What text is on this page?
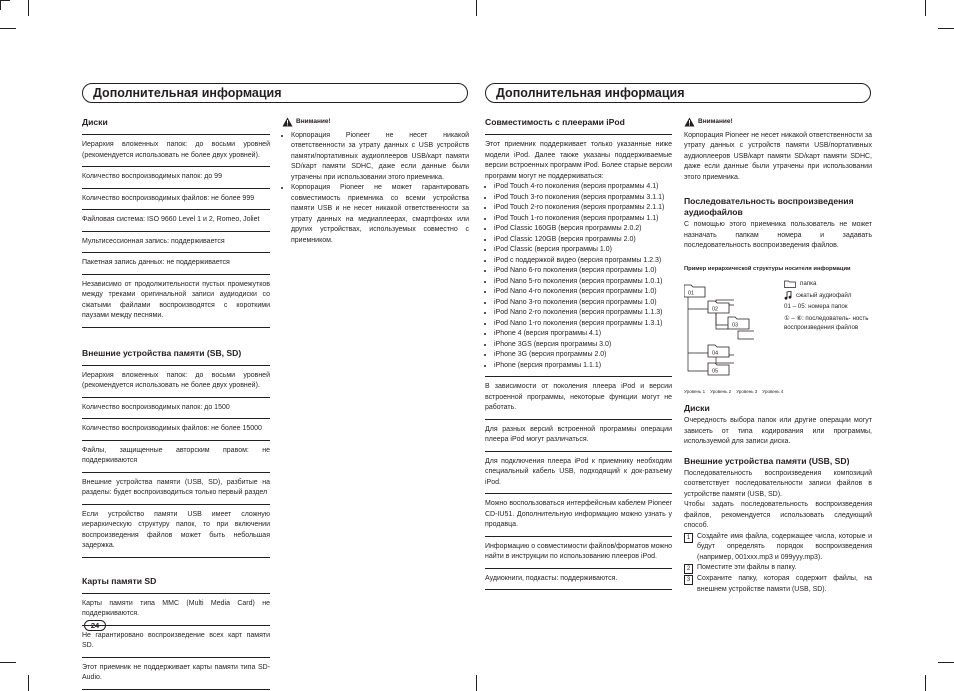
Дополнительная информация	Дополнительная информация
Диски
Иерархия вложенных папок: до восьми уровней (рекомендуется использовать не более двух уровней).
Количество воспроизводимых папок: до 99
Количество воспроизводимых файлов: не более 999
Файловая система: ISO 9660 Level 1 и 2, Romeo, Joliet
Мультисессионная запись: поддерживается
Пакетная запись данных: не поддерживается
Независимо от продолжительности пустых промежутков между треками оригинальной записи аудиодиски со сжатыми файлами воспроизводятся с короткими паузами между песнями.
Внешние устройства памяти (SB, SD)
Иерархия вложенных папок: до восьми уровней (рекомендуется использовать не более двух уровней).
Количество воспроизводимых папок: до 1500
Количество воспроизводимых файлов: не более 15000
Файлы, защищенные авторским правом: не поддерживаются
Внешние устройства памяти (USB, SD), разбитые на разделы: будет воспроизводиться только первый раздел
Если устройство памяти USB имеет сложную иерархическую структуру папок, то при включении воспроизведения файлов может быть небольшая задержка.
Карты памяти SD
Карты памяти типа MMC (Multi Media Card) не поддерживаются.
Не гарантировано воспроизведение всех карт памяти SD.
Этот приемник не поддерживает карты памяти типа SD-Audio.
Внимание!
• Корпорация Pioneer не несет никакой ответственности за утрату данных с USB устройств памяти/портативных аудиоплееров USB/карт памяти SD/карт памяти SDHC, даже если данные были утрачены при использовании этого приемника.
• Корпорация Pioneer не может гарантировать совместимость приемника со всеми устройства памяти USB и не несет никакой ответственности за утрату данных на медиаплеерах, смартфонах или других устройствах, используемых совместно с приемником.
Совместимость с плеерами iPod
Этот приемник поддерживает только указанные ниже модели iPod. Далее также указаны поддерживаемые версии встроенных программ iPod. Более старые версии программ могут не поддерживаться:
• iPod Touch 4-го поколения (версия программы 4.1)
• iPod Touch 3-го поколения (версия программы 3.1.1)
• iPod Touch 2-го поколения (версия программы 2.1.1)
• iPod Touch 1-го поколения (версия программы 1.1)
• iPod Classic 160GB (версия программы 2.0.2)
• iPod Classic 120GB (версия программы 2.0)
• iPod Classic (версия программы 1.0)
• iPod с поддержкой видео (версия программы 1.2.3)
• iPod Nano 6-го поколения (версия программы 1.0)
• iPod Nano 5-го поколения (версия программы 1.0.1)
• iPod Nano 4-го поколения (версия программы 1.0)
• iPod Nano 3-го поколения (версия программы 1.0)
• iPod Nano 2-го поколения (версия программы 1.1.3)
• iPod Nano 1-го поколения (версия программы 1.3.1)
• iPhone 4 (версия программы 4.1)
• iPhone 3GS (версия программы 3.0)
• iPhone 3G (версия программы 2.0)
• iPhone (версия программы 1.1.1)
В зависимости от поколения плеера iPod и версии встроенной программы, некоторые функции могут не работать.
Для разных версий встроенной программы операции плеера iPod могут различаться.
Для подключения плеера iPod к приемнику необходим специальный кабель USB, подходящий к док-разъему iPod.
Можно воспользоваться интерфейсным кабелем Pioneer CD-IU51. Дополнительную информацию можно узнать у продавца.
Информацию о совместимости файлов/форматов можно найти в инструкции по использованию плееров iPod.
Аудиокниги, подкасты: поддерживаются.
Внимание!
Корпорация Pioneer не несет никакой ответственности за утрату данных с устройств памяти USB/портативных аудиоплееров USB/карт памяти SD/карт памяти SDHC, даже если данные были утрачены при использовании этого приемника.
Последовательность воспроизведения аудиофайлов
С помощью этого приемника пользователь не может назначать папкам номера и задавать последовательность воспроизведения файлов.
Пример иерархической структуры носителя информации
01
02
03
04
05
папка
сжатый аудиофайл
01 – 05: номера папок
① – ⑥: последователь- ность воспроизведения файлов
Уровень 1 Уровень 2 Уровень 3 Уровень 4
Диски
Очередность выбора папок или другие операции могут зависеть от типа кодирования или программы, используемой для записи диска.
Внешние устройства памяти (USB, SD)
Последовательность воспроизведения композиций соответствует последовательности записи файлов в устройстве памяти (USB, SD).
Чтобы задать последовательность воспроизведения файлов, рекомендуется использовать следующий способ.
1 Создайте имя файла, содержащее числа, которые и будут определять порядок воспроизведения (например, 001xxx.mp3 и 099yyy.mp3).
2 Поместите эти файлы в папку.
3 Сохраните папку, которая содержит файлы, на внешнем устройстве памяти (USB, SD).
24
